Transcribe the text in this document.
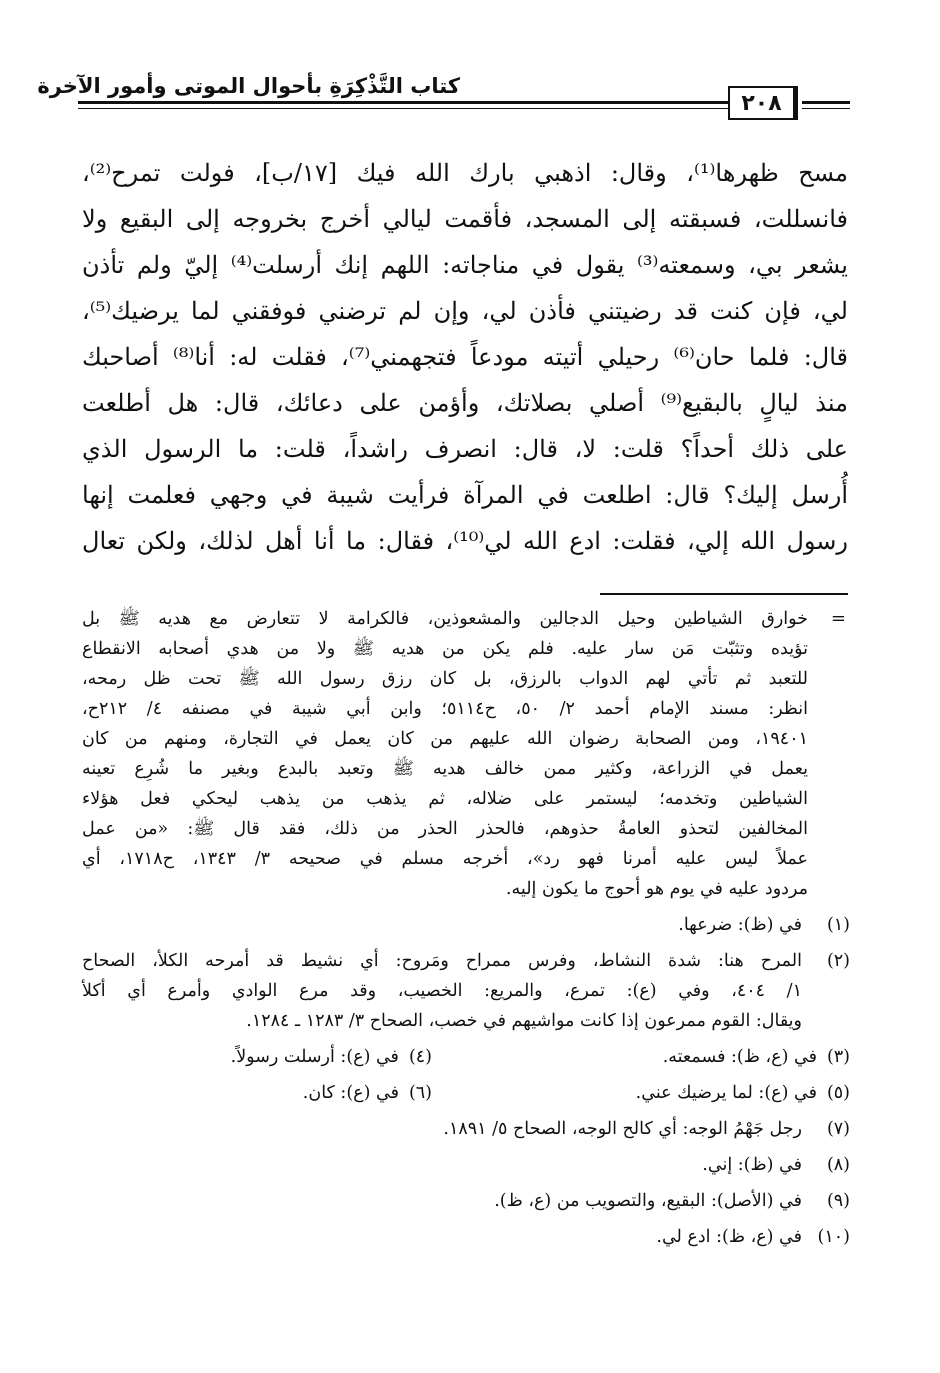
كتاب التَّذْكِرَةِ بأحوال الموتى وأمور الآخرة
٢٠٨
مسح ظهرها⁽¹⁾، وقال: اذهبي بارك الله فيك [١٧/ب]، فولت تمرح⁽²⁾،
فانسللت، فسبقته إلى المسجد، فأقمت ليالي أخرج بخروجه إلى البقيع ولا
يشعر بي، وسمعته⁽³⁾ يقول في مناجاته: اللهم إنك أرسلت⁽⁴⁾ إليّ ولم تأذن
لي، فإن كنت قد رضيتني فأذن لي، وإن لم ترضني فوفقني لما يرضيك⁽⁵⁾،
قال: فلما حان⁽⁶⁾ رحيلي أتيته مودعاً فتجهمني⁽⁷⁾، فقلت له: أنا⁽⁸⁾ أصاحبك
منذ ليالٍ بالبقيع⁽⁹⁾ أصلي بصلاتك، وأؤمن على دعائك، قال: هل أطلعت
على ذلك أحداً؟ قلت: لا، قال: انصرف راشداً، قلت: ما الرسول الذي
أُرسل إليك؟ قال: اطلعت في المرآة فرأيت شيبة في وجهي فعلمت إنها
رسول الله إلي، فقلت: ادع الله لي⁽¹⁰⁾، فقال: ما أنا أهل لذلك، ولكن تعال
=
خوارق الشياطين وحيل الدجالين والمشعوذين، فالكرامة لا تتعارض مع هديه ﷺ بل
تؤيده وتثبّت مَن سار عليه. فلم يكن من هديه ﷺ ولا من هدي أصحابه الانقطاع
للتعبد ثم تأتي لهم الدواب بالرزق، بل كان رزق رسول الله ﷺ تحت ظل رمحه،
انظر: مسند الإمام أحمد ٢/ ٥٠، ح٥١١٤؛ وابن أبي شيبة في مصنفه ٤/ ٢١٢ح،
١٩٤٠١، ومن الصحابة رضوان الله عليهم من كان يعمل في التجارة، ومنهم من كان
يعمل في الزراعة، وكثير ممن خالف هديه ﷺ وتعبد بالبدع وبغير ما شُرِع تعينه
الشياطين وتخدمه؛ ليستمر على ضلاله، ثم يذهب من يذهب ليحكي فعل هؤلاء
المخالفين لتحذو العامةُ حذوهم، فالحذر الحذر من ذلك، فقد قال ﷺ: «من عمل
عملاً ليس عليه أمرنا فهو رد»، أخرجه مسلم في صحيحه ٣/ ١٣٤٣، ح١٧١٨، أي
مردود عليه في يوم هو أحوج ما يكون إليه.
(١)
في (ظ): ضرعها.
(٢)
المرح هنا: شدة النشاط، وفرس ممراح ومَروح: أي نشيط قد أمرحه الكلأ، الصحاح
١/ ٤٠٤، وفي (ع): تمرع، والمريع: الخصيب، وقد مرع الوادي وأمرع أي أكلأ
ويقال: القوم ممرعون إذا كانت مواشيهم في خصب، الصحاح ٣/ ١٢٨٣ ـ ١٢٨٤.
(٣)في (ع، ظ): فسمعته.
(٤)في (ع): أرسلت رسولاً.
(٥)في (ع): لما يرضيك عني.
(٦)في (ع): كان.
(٧)
رجل جَهْمُ الوجه: أي كالح الوجه، الصحاح ٥/ ١٨٩١.
(٨)
في (ظ): إني.
(٩)
في (الأصل): البقيع، والتصويب من (ع، ظ).
(١٠)
في (ع، ظ): ادع لي.
